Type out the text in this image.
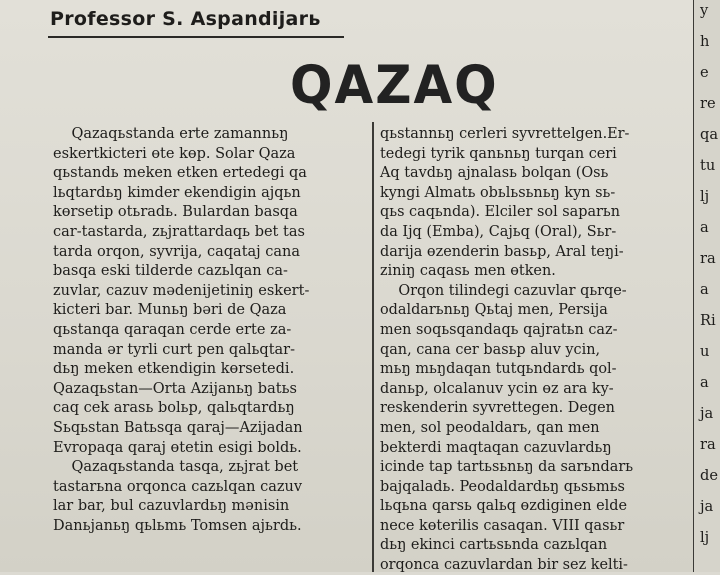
Professor S. Aspandijarь
QAZAQ
Qazaqьstanda erte zamannьŋ
eskertkicteri өte kөp. Solar Qaza
qьstandь meken etken ertedegi qa
lьqtardьŋ kimder ekendigin ajqьn
kөrsetip otьradь. Bulardan basqa
car-tastarda, zьjrattardaqь bet tas
tarda orqon, syvrija, caqataj cana
basqa eski tilderde cazьlqan ca-
zuvlar, cazuv mədenijetiniŋ eskert-
kicteri bar. Munьŋ bəri de Qaza
qьstanqa qaraqan cerde erte za-
manda ər tyrli curt pen qalьqtar-
dьŋ meken etkendigin kөrsetedi.
Qazaqьstan—Orta Azijanьŋ batьs
caq cek arasь bolьp, qalьqtardьŋ
Sьqьstan Batьsqa qaraj—Azijadan
Evropaqa qaraj өtetin esigi boldь.
Qazaqьstanda tasqa, zьjrat bet
tastarьna orqonca cazьlqan cazuv
lar bar, bul cazuvlardьŋ mənisin
Danьjanьŋ qьlьmь Tomsen ajьrdь.
qьstannьŋ cerleri syvrettelgen.Er-
tedegi tyrik qanьnьŋ turqan ceri
Aq tavdьŋ ajnalasь bolqan (Osь
kyngi Almatь obьlьsьnьŋ kyn sь-
qьs caqьnda). Elciler sol saparьn
da Ijq (Emba), Cajьq (Oral), Sьr-
darija өzenderin basьp, Aral teŋi-
ziniŋ caqasь men өtken.
Orqon tilindegi cazuvlar qьrqe-
odaldarьnьŋ Qьtaj men, Persija
men soqьsqandaqь qajratьn caz-
qan, cana cer basьp aluv ycin,
mьŋ mьŋdaqan tutqьndardь qol-
danьp, olcalanuv ycin өz ara ky-
reskenderin syvrettegen. Degen
men, sol peodaldarь, qan men
bekterdi maqtaqan cazuvlardьŋ
icinde tap tartьsьnьŋ da sarьndarь
bajqaladь. Peodaldardьŋ qьsьmьs
lьqьna qarsь qalьq өzdiginen elde
nece kөterilis casaqan. VIII qasьr
dьŋ ekinci cartьsьnda cazьlqan
orqonca cazuvlardan bir sez kelti-
y
h
e
re
qa
tu
lj
a
ra
a
Ri
u
a
ja
ra
de
ja
lj
